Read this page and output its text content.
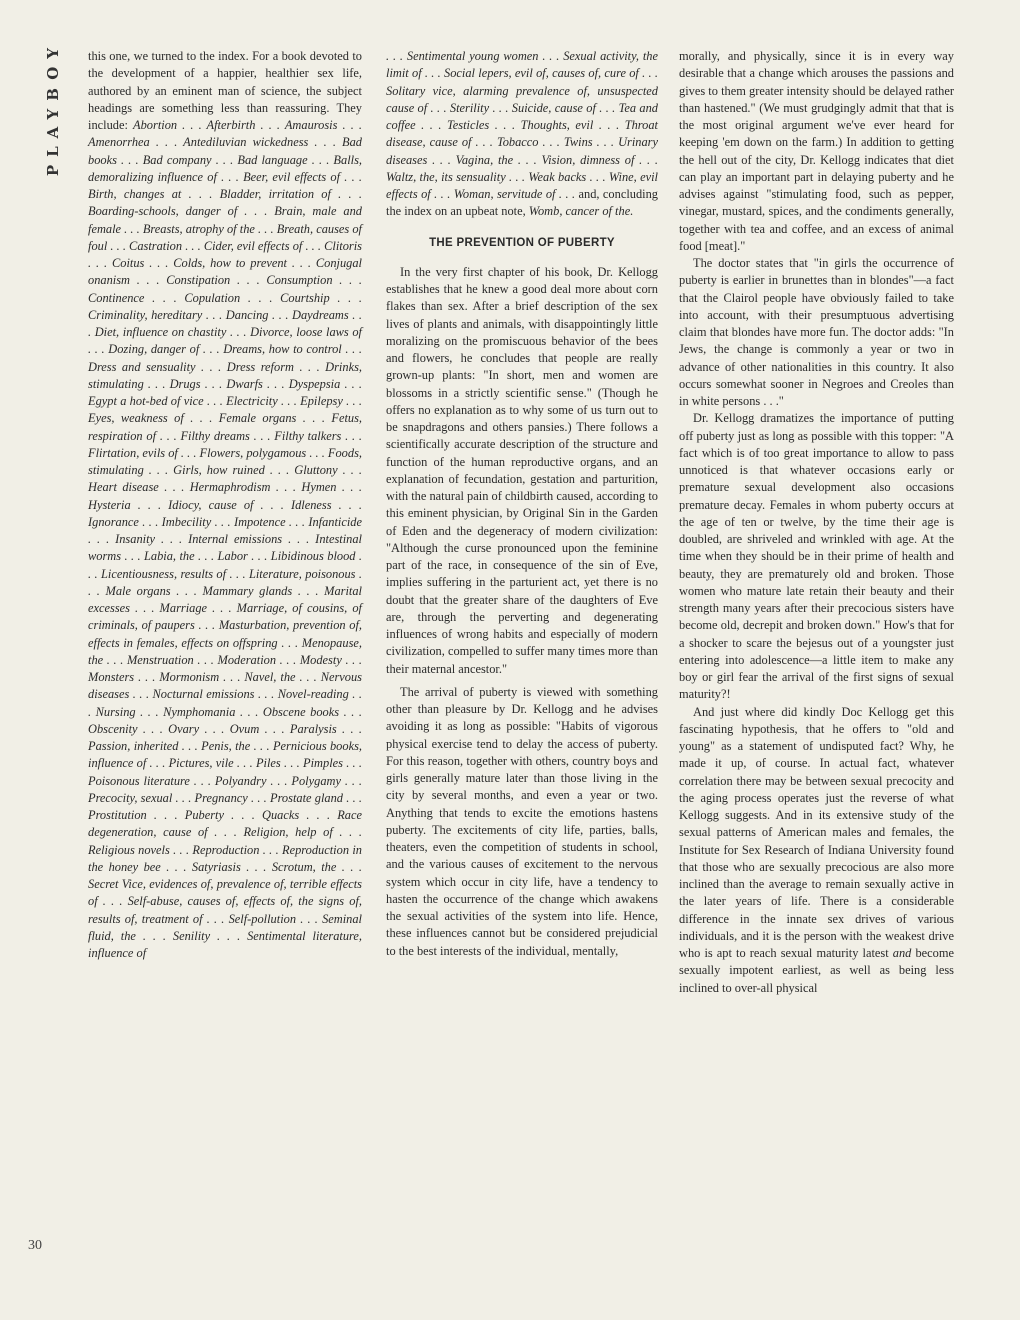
PLAYBOY
30

this one, we turned to the index. For a book devoted to the development of a happier, healthier sex life, authored by an eminent man of science, the subject headings are something less than reassuring. They include: Abortion . . . Afterbirth . . . Amaurosis . . . Amenorrhea . . . Antediluvian wickedness . . . Bad books . . . Bad company . . . Bad language . . . Balls, demoralizing influence of . . . Beer, evil effects of . . . Birth, changes at . . . Bladder, irritation of . . . Boarding-schools, danger of . . . Brain, male and female . . . Breasts, atrophy of the . . . Breath, causes of foul . . . Castration . . . Cider, evil effects of . . . Clitoris . . . Coitus . . . Colds, how to prevent . . . Conjugal onanism . . . Constipation . . . Consumption . . . Continence . . . Copulation . . . Courtship . . . Criminality, hereditary . . . Dancing . . . Daydreams . . . Diet, influence on chastity . . . Divorce, loose laws of . . . Dozing, danger of . . . Dreams, how to control . . . Dress and sensuality . . . Dress reform . . . Drinks, stimulating . . . Drugs . . . Dwarfs . . . Dyspepsia . . . Egypt a hot-bed of vice . . . Electricity . . . Epilepsy . . . Eyes, weakness of . . . Female organs . . . Fetus, respiration of . . . Filthy dreams . . . Filthy talkers . . . Flirtation, evils of . . . Flowers, polygamous . . . Foods, stimulating . . . Girls, how ruined . . . Gluttony . . . Heart disease . . . Hermaphrodism . . . Hymen . . . Hysteria . . . Idiocy, cause of . . . Idleness . . . Ignorance . . . Imbecility . . . Impotence . . . Infanticide . . . Insanity . . . Internal emissions . . . Intestinal worms . . . Labia, the . . . Labor . . . Libidinous blood . . . Licentiousness, results of . . . Literature, poisonous . . . Male organs . . . Mammary glands . . . Marital excesses . . . Marriage . . . Marriage, of cousins, of criminals, of paupers . . . Masturbation, prevention of, effects in females, effects on offspring . . . Menopause, the . . . Menstruation . . . Moderation . . . Modesty . . . Monsters . . . Mormonism . . . Navel, the . . . Nervous diseases . . . Nocturnal emissions . . . Novel-reading . . . Nursing . . . Nymphomania . . . Obscene books . . . Obscenity . . . Ovary . . . Ovum . . . Paralysis . . . Passion, inherited . . . Penis, the . . . Pernicious books, influence of . . . Pictures, vile . . . Piles . . . Pimples . . . Poisonous literature . . . Polyandry . . . Polygamy . . . Precocity, sexual . . . Pregnancy . . . Prostate gland . . . Prostitution . . . Puberty . . . Quacks . . . Race degeneration, cause of . . . Religion, help of . . . Religious novels . . . Reproduction . . . Reproduction in the honey bee . . . Satyriasis . . . Scrotum, the . . . Secret Vice, evidences of, prevalence of, terrible effects of . . . Self-abuse, causes of, effects of, the signs of, results of, treatment of . . . Self-pollution . . . Seminal fluid, the . . . Senility . . . Sentimental literature, influence of

. . . Sentimental young women . . . Sexual activity, the limit of . . . Social lepers, evil of, causes of, cure of . . . Solitary vice, alarming prevalence of, unsuspected cause of . . . Sterility . . . Suicide, cause of . . . Tea and coffee . . . Testicles . . . Thoughts, evil . . . Throat disease, cause of . . . Tobacco . . . Twins . . . Urinary diseases . . . Vagina, the . . . Vision, dimness of . . . Waltz, the, its sensuality . . . Weak backs . . . Wine, evil effects of . . . Woman, servitude of . . . and, concluding the index on an upbeat note, Womb, cancer of the.

THE PREVENTION OF PUBERTY

In the very first chapter of his book, Dr. Kellogg establishes that he knew a good deal more about corn flakes than sex. After a brief description of the sex lives of plants and animals, with disappointingly little moralizing on the promiscuous behavior of the bees and flowers, he concludes that people are really grown-up plants: "In short, men and women are blossoms in a strictly scientific sense." (Though he offers no explanation as to why some of us turn out to be snapdragons and others pansies.) There follows a scientifically accurate description of the structure and function of the human reproductive organs, and an explanation of fecundation, gestation and parturition, with the natural pain of childbirth caused, according to this eminent physician, by Original Sin in the Garden of Eden and the degeneracy of modern civilization: "Although the curse pronounced upon the feminine part of the race, in consequence of the sin of Eve, implies suffering in the parturient act, yet there is no doubt that the greater share of the daughters of Eve are, through the perverting and degenerating influences of wrong habits and especially of modern civilization, compelled to suffer many times more than their maternal ancestor."

The arrival of puberty is viewed with something other than pleasure by Dr. Kellogg and he advises avoiding it as long as possible: "Habits of vigorous physical exercise tend to delay the access of puberty. For this reason, together with others, country boys and girls generally mature later than those living in the city by several months, and even a year or two. Anything that tends to excite the emotions hastens puberty. The excitements of city life, parties, balls, theaters, even the competition of students in school, and the various causes of excitement to the nervous system which occur in city life, have a tendency to hasten the occurrence of the change which awakens the sexual activities of the system into life. Hence, these influences cannot but be considered prejudicial to the best interests of the individual, mentally,

morally, and physically, since it is in every way desirable that a change which arouses the passions and gives to them greater intensity should be delayed rather than hastened." (We must grudgingly admit that that is the most original argument we've ever heard for keeping 'em down on the farm.) In addition to getting the hell out of the city, Dr. Kellogg indicates that diet can play an important part in delaying puberty and he advises against "stimulating food, such as pepper, vinegar, mustard, spices, and the condiments generally, together with tea and coffee, and an excess of animal food [meat]."

The doctor states that "in girls the occurrence of puberty is earlier in brunettes than in blondes"—a fact that the Clairol people have obviously failed to take into account, with their presumptuous advertising claim that blondes have more fun. The doctor adds: "In Jews, the change is commonly a year or two in advance of other nationalities in this country. It also occurs somewhat sooner in Negroes and Creoles than in white persons . . ."

Dr. Kellogg dramatizes the importance of putting off puberty just as long as possible with this topper: "A fact which is of too great importance to allow to pass unnoticed is that whatever occasions early or premature sexual development also occasions premature decay. Females in whom puberty occurs at the age of ten or twelve, by the time their age is doubled, are shriveled and wrinkled with age. At the time when they should be in their prime of health and beauty, they are prematurely old and broken. Those women who mature late retain their beauty and their strength many years after their precocious sisters have become old, decrepit and broken down." How's that for a shocker to scare the bejesus out of a youngster just entering into adolescence—a little item to make any boy or girl fear the arrival of the first signs of sexual maturity?!

And just where did kindly Doc Kellogg get this fascinating hypothesis, that he offers to "old and young" as a statement of undisputed fact? Why, he made it up, of course. In actual fact, whatever correlation there may be between sexual precocity and the aging process operates just the reverse of what Kellogg suggests. And in its extensive study of the sexual patterns of American males and females, the Institute for Sex Research of Indiana University found that those who are sexually precocious are also more inclined than the average to remain sexually active in the later years of life. There is a considerable difference in the innate sex drives of various individuals, and it is the person with the weakest drive who is apt to reach sexual maturity latest and become sexually impotent earliest, as well as being less inclined to over-all physical
